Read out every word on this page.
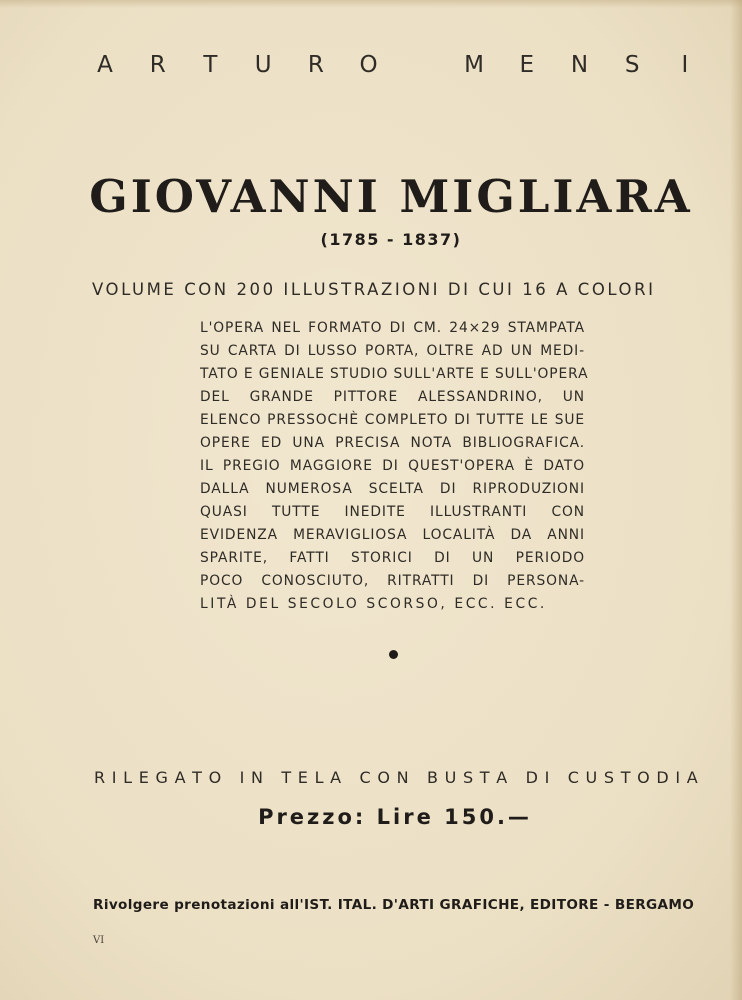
A	R	T	U	R	O
	M	E	N	S	I
GIOVANNI MIGLIARA
(1785 - 1837)
VOLUME CON 200 ILLUSTRAZIONI DI CUI 16 A COLORI
L'OPERA NEL FORMATO DI CM. 24×29 STAMPATA
SU CARTA DI LUSSO PORTA, OLTRE AD UN MEDI-
TATO E GENIALE STUDIO SULL'ARTE E SULL'OPERA
DEL GRANDE PITTORE ALESSANDRINO, UN
ELENCO PRESSOCHÈ COMPLETO DI TUTTE LE SUE
OPERE ED UNA PRECISA NOTA BIBLIOGRAFICA.
IL PREGIO MAGGIORE DI QUEST'OPERA È DATO
DALLA NUMEROSA SCELTA DI RIPRODUZIONI
QUASI TUTTE INEDITE ILLUSTRANTI CON
EVIDENZA MERAVIGLIOSA LOCALITÀ DA ANNI
SPARITE, FATTI STORICI DI UN PERIODO
POCO CONOSCIUTO, RITRATTI DI PERSONA-
LITÀ DEL SECOLO SCORSO, ECC. ECC.
R I L E G A T O
I N
T E L A
C O N
B U S T A
D I
C U S T O D I A
Prezzo: Lire 150.—
Rivolgere prenotazioni all'IST. ITAL. D'ARTI GRAFICHE, EDITORE - BERGAMO
VI
